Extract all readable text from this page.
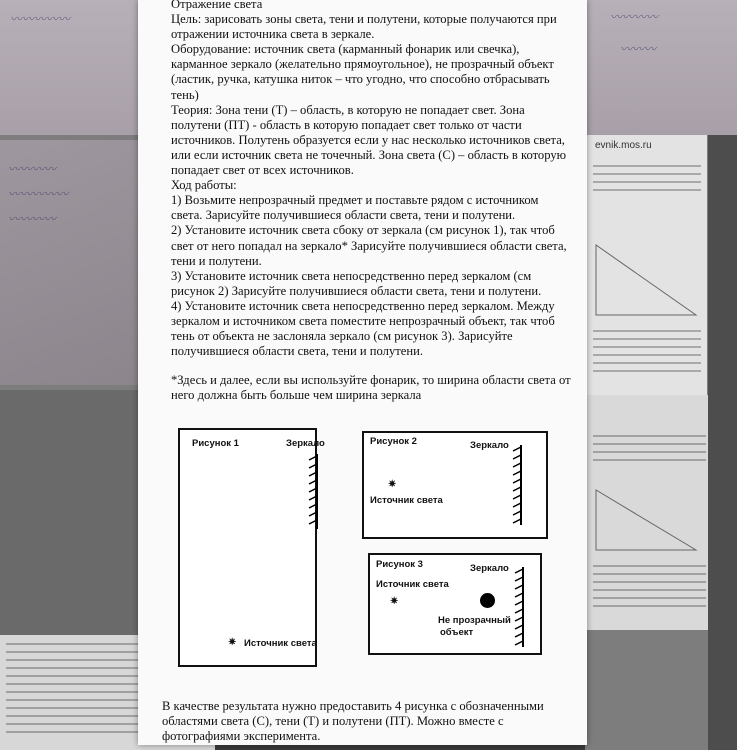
〰〰〰〰
〰〰〰
〰〰〰〰〰
〰〰〰〰
〰〰〰〰〰
〰〰〰〰
evnik.mos.ru

Отражение света

Цель: зарисовать зоны света, тени и полутени, которые получаются при отражении источника света в зеркале.

Оборудование: источник света (карманный фонарик или свечка), карманное зеркало (желательно прямоугольное), не прозрачный объект (ластик, ручка, катушка ниток – что угодно, что способно отбрасывать тень)

Теория: Зона тени (Т) – область, в которую не попадает свет. Зона полутени (ПТ) - область в которую попадает свет только от части источников. Полутень образуется если у нас несколько источников света, или если источник света не точечный. Зона света (С) – область в которую попадает свет от всех источников.

Ход работы:

1) Возьмите непрозрачный предмет и поставьте рядом с источником света. Зарисуйте получившиеся области света, тени и полутени.

2) Установите источник света сбоку от зеркала (см рисунок 1), так чтоб свет от него попадал на зеркало* Зарисуйте получившиеся области света, тени и полутени.

3) Установите источник света непосредственно перед зеркалом (см рисунок 2) Зарисуйте получившиеся области света, тени и полутени.

4) Установите источник света непосредственно перед зеркалом. Между зеркалом и источником света поместите непрозрачный объект, так чтоб тень от объекта не заслоняла зеркало (см рисунок 3). Зарисуйте получившиеся области света, тени и полутени.

*Здесь и далее, если вы используйте фонарик, то ширина области света от него должна быть больше чем ширина зеркала

Рисунок 1	Зеркало
✷ Источник света
Рисунок 2	Зеркало
✷
Источник света
Рисунок 3	Зеркало
Источник света
✷
Не прозрачный
объект

В качестве результата нужно предоставить 4 рисунка с обозначенными областями света (С), тени (Т) и полутени (ПТ). Можно вместе с фотографиями эксперимента.
